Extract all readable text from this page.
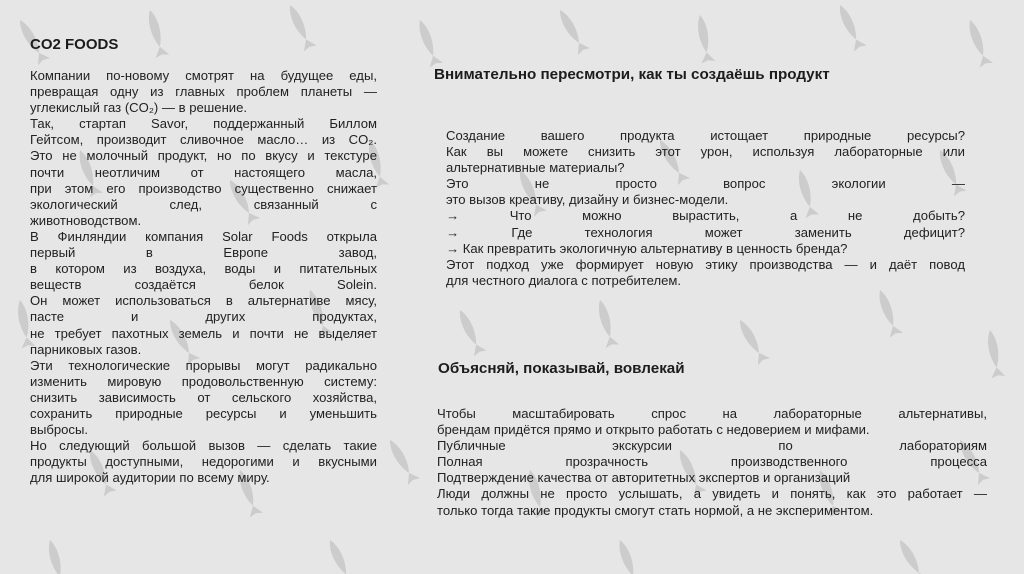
CO2 FOODS

Компании по-новому смотрят на будущее еды,

превращая одну из главных проблем планеты —

углекислый газ (CO₂) — в решение.

Так, стартап Savor, поддержанный Биллом

Гейтсом, производит сливочное масло… из CO₂.

Это не молочный продукт, но по вкусу и текстуре

почти неотличим от настоящего масла,

при этом его производство существенно снижает

экологический след, связанный с

животноводством.

В Финляндии компания Solar Foods открыла

первый в Европе завод,

в котором из воздуха, воды и питательных

веществ создаётся белок Solein.

Он может использоваться в альтернативе мясу,

пасте и других продуктах,

не требует пахотных земель и почти не выделяет

парниковых газов.

Эти технологические прорывы могут радикально

изменить мировую продовольственную систему:

снизить зависимость от сельского хозяйства,

сохранить природные ресурсы и уменьшить

выбросы.

Но следующий большой вызов — сделать такие

продукты доступными, недорогими и вкусными

для широкой аудитории по всему миру.

Внимательно пересмотри, как ты создаёшь продукт

Создание вашего продукта истощает природные ресурсы?

Как вы можете снизить этот урон, используя лабораторные или

альтернативные материалы?

Это не просто вопрос экологии —

это вызов креативу, дизайну и бизнес-модели.

→ Что можно вырастить, а не добыть?

→ Где технология может заменить дефицит?

→ Как превратить экологичную альтернативу в ценность бренда?

Этот подход уже формирует новую этику производства — и даёт повод

для честного диалога с потребителем.

Объясняй, показывай, вовлекай

Чтобы масштабировать спрос на лабораторные альтернативы,

брендам придётся прямо и открыто работать с недоверием и мифами.

Публичные экскурсии по лабораториям

Полная прозрачность производственного процесса

Подтверждение качества от авторитетных экспертов и организаций

Люди должны не просто услышать, а увидеть и понять, как это работает —

только тогда такие продукты смогут стать нормой, а не экспериментом.
